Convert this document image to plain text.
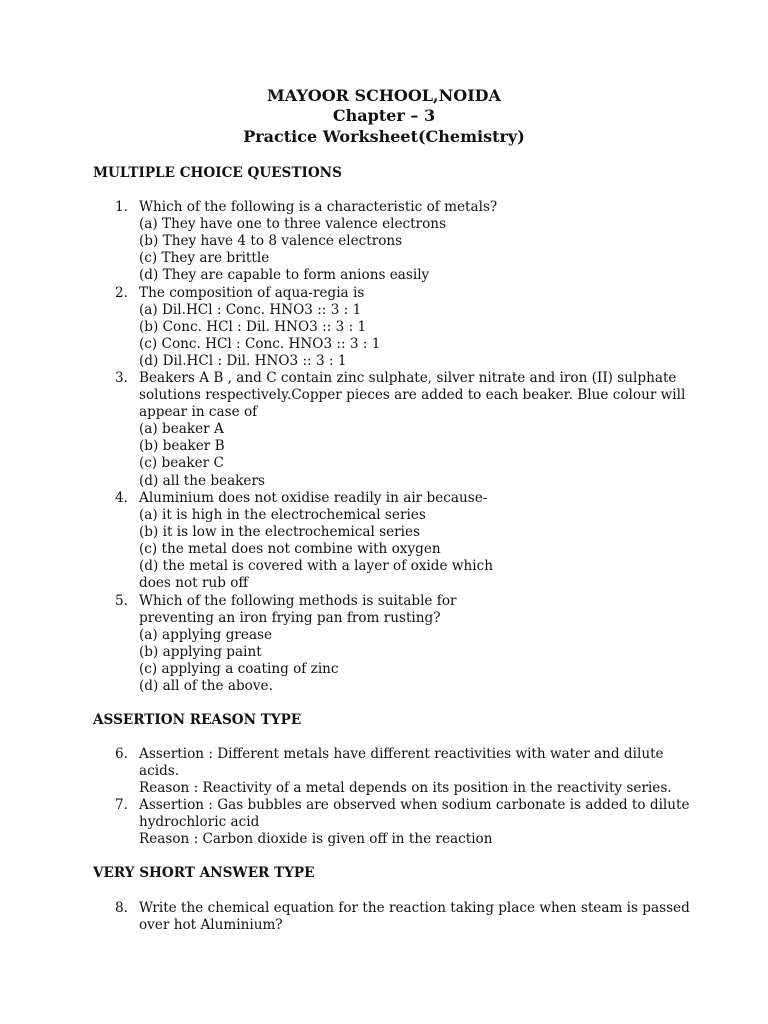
MAYOOR SCHOOL,NOIDA
Chapter – 3
Practice Worksheet(Chemistry)
MULTIPLE CHOICE QUESTIONS
1. Which of the following is a characteristic of metals?
(a) They have one to three valence electrons
(b) They have 4 to 8 valence electrons
(c) They are brittle
(d) They are capable to form anions easily
2. The composition of aqua-regia is
(a) Dil.HCl : Conc. HNO3 :: 3 : 1
(b) Conc. HCl : Dil. HNO3 :: 3 : 1
(c) Conc. HCl : Conc. HNO3 :: 3 : 1
(d) Dil.HCl : Dil. HNO3 :: 3 : 1
3. Beakers A B , and C contain zinc sulphate, silver nitrate and iron (II) sulphate
solutions respectively.Copper pieces are added to each beaker. Blue colour will
appear in case of
(a) beaker A
(b) beaker B
(c) beaker C
(d) all the beakers
4. Aluminium does not oxidise readily in air because-
(a) it is high in the electrochemical series
(b) it is low in the electrochemical series
(c) the metal does not combine with oxygen
(d) the metal is covered with a layer of oxide which
does not rub off
5. Which of the following methods is suitable for
preventing an iron frying pan from rusting?
(a) applying grease
(b) applying paint
(c) applying a coating of zinc
(d) all of the above.
ASSERTION REASON TYPE
6. Assertion : Different metals have different reactivities with water and dilute
acids.
Reason : Reactivity of a metal depends on its position in the reactivity series.
7. Assertion : Gas bubbles are observed when sodium carbonate is added to dilute
hydrochloric acid
Reason : Carbon dioxide is given off in the reaction
VERY SHORT ANSWER TYPE
8. Write the chemical equation for the reaction taking place when steam is passed
over hot Aluminium?
